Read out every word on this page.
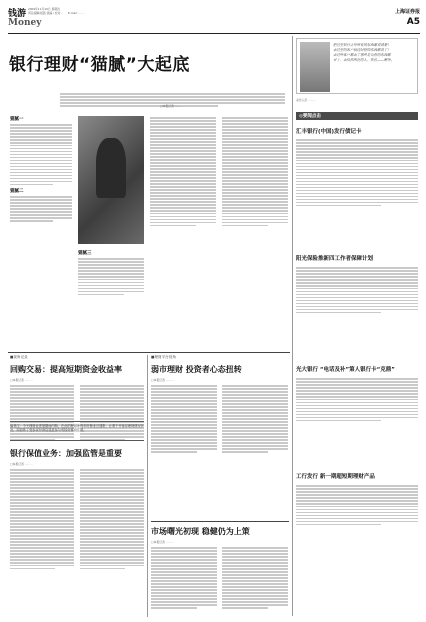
钱游
Money
2009年11月19日 星期四
责任编辑/版面 美编 / 校对 · E-mail: ·······	上海证券报
A5
银行理财“猫腻”大起底
□本报记者 ·········
猫腻一
猫腻二
猫腻三
把这里银行之外所有的东西都说清楚！
卖这里的客户被过时把的东西都说了！
卖这些客户都卖了那些是当然的东西都
对于，卖给你所在的人，你也——解答。
采访人员 ·········
◎要闻点击
汇丰银行(中国)发行债记卡
阳光保险推新四工作者保障计划
光大银行 “电话及补”第人银行卡“克鼎”
工行发行 新一期超短期理财产品
■视角记录
回购交易：提高短期资金收益率
□本报记者 ·········
■理财平台视角
弱市理财 投资者心态扭转
□本报记者 ·········
编者注：今天理财业进展期间内购，在此的理财使每年时修业总通报，让着于开客存理财情况状况，如加恢了受参宣付消息显进参与有较好修直注意。
银行保值业务：加强监管是重要
□本报记者 ·········
市场曙光初现 稳健仍为上策
□本报记者 ·········
